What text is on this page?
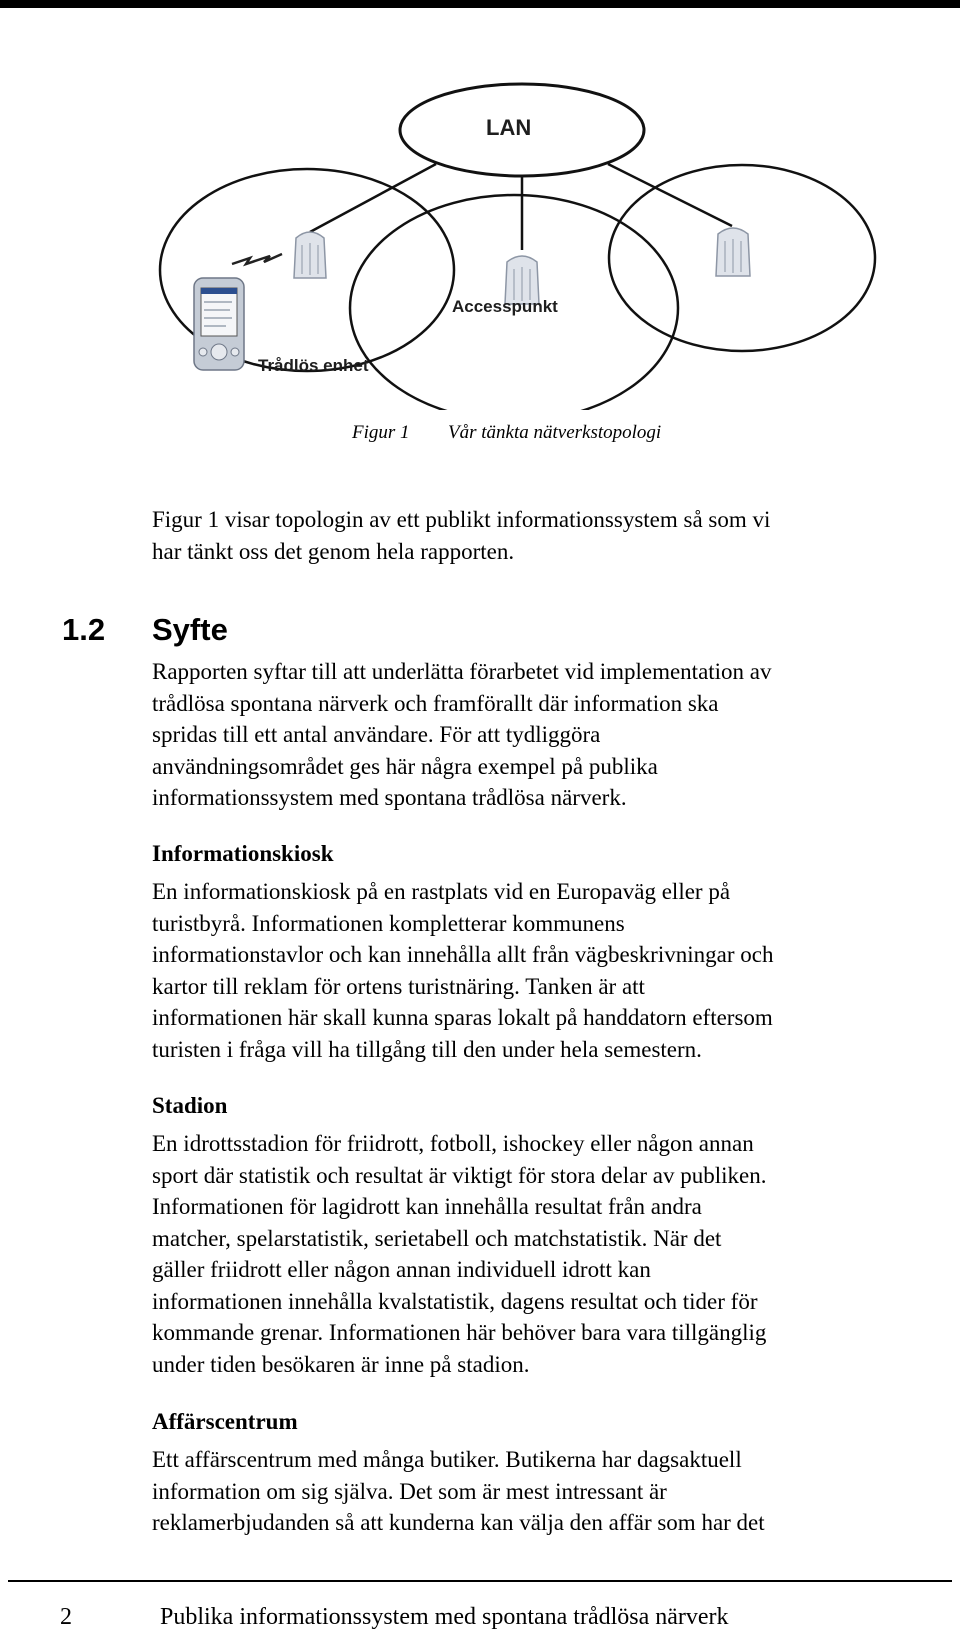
LAN
Accesspunkt
Trådlös enhet
Figur 1 Vår tänkta nätverkstopologi

Figur 1 visar topologin av ett publikt informationssystem så som vi
har tänkt oss det genom hela rapporten.

1.2 Syfte

Rapporten syftar till att underlätta förarbetet vid implementation av
trådlösa spontana närverk och framförallt där information ska
spridas till ett antal användare. För att tydliggöra
användningsområdet ges här några exempel på publika
informationssystem med spontana trådlösa närverk.

Informationskiosk

En informationskiosk på en rastplats vid en Europaväg eller på
turistbyrå. Informationen kompletterar kommunens
informationstavlor och kan innehålla allt från vägbeskrivningar och
kartor till reklam för ortens turistnäring. Tanken är att
informationen här skall kunna sparas lokalt på handdatorn eftersom
turisten i fråga vill ha tillgång till den under hela semestern.

Stadion

En idrottsstadion för friidrott, fotboll, ishockey eller någon annan
sport där statistik och resultat är viktigt för stora delar av publiken.
Informationen för lagidrott kan innehålla resultat från andra
matcher, spelarstatistik, serietabell och matchstatistik. När det
gäller friidrott eller någon annan individuell idrott kan
informationen innehålla kvalstatistik, dagens resultat och tider för
kommande grenar. Informationen här behöver bara vara tillgänglig
under tiden besökaren är inne på stadion.

Affärscentrum

Ett affärscentrum med många butiker. Butikerna har dagsaktuell
information om sig själva. Det som är mest intressant är
reklamerbjudanden så att kunderna kan välja den affär som har det

2	Publika informationssystem med spontana trådlösa närverk
